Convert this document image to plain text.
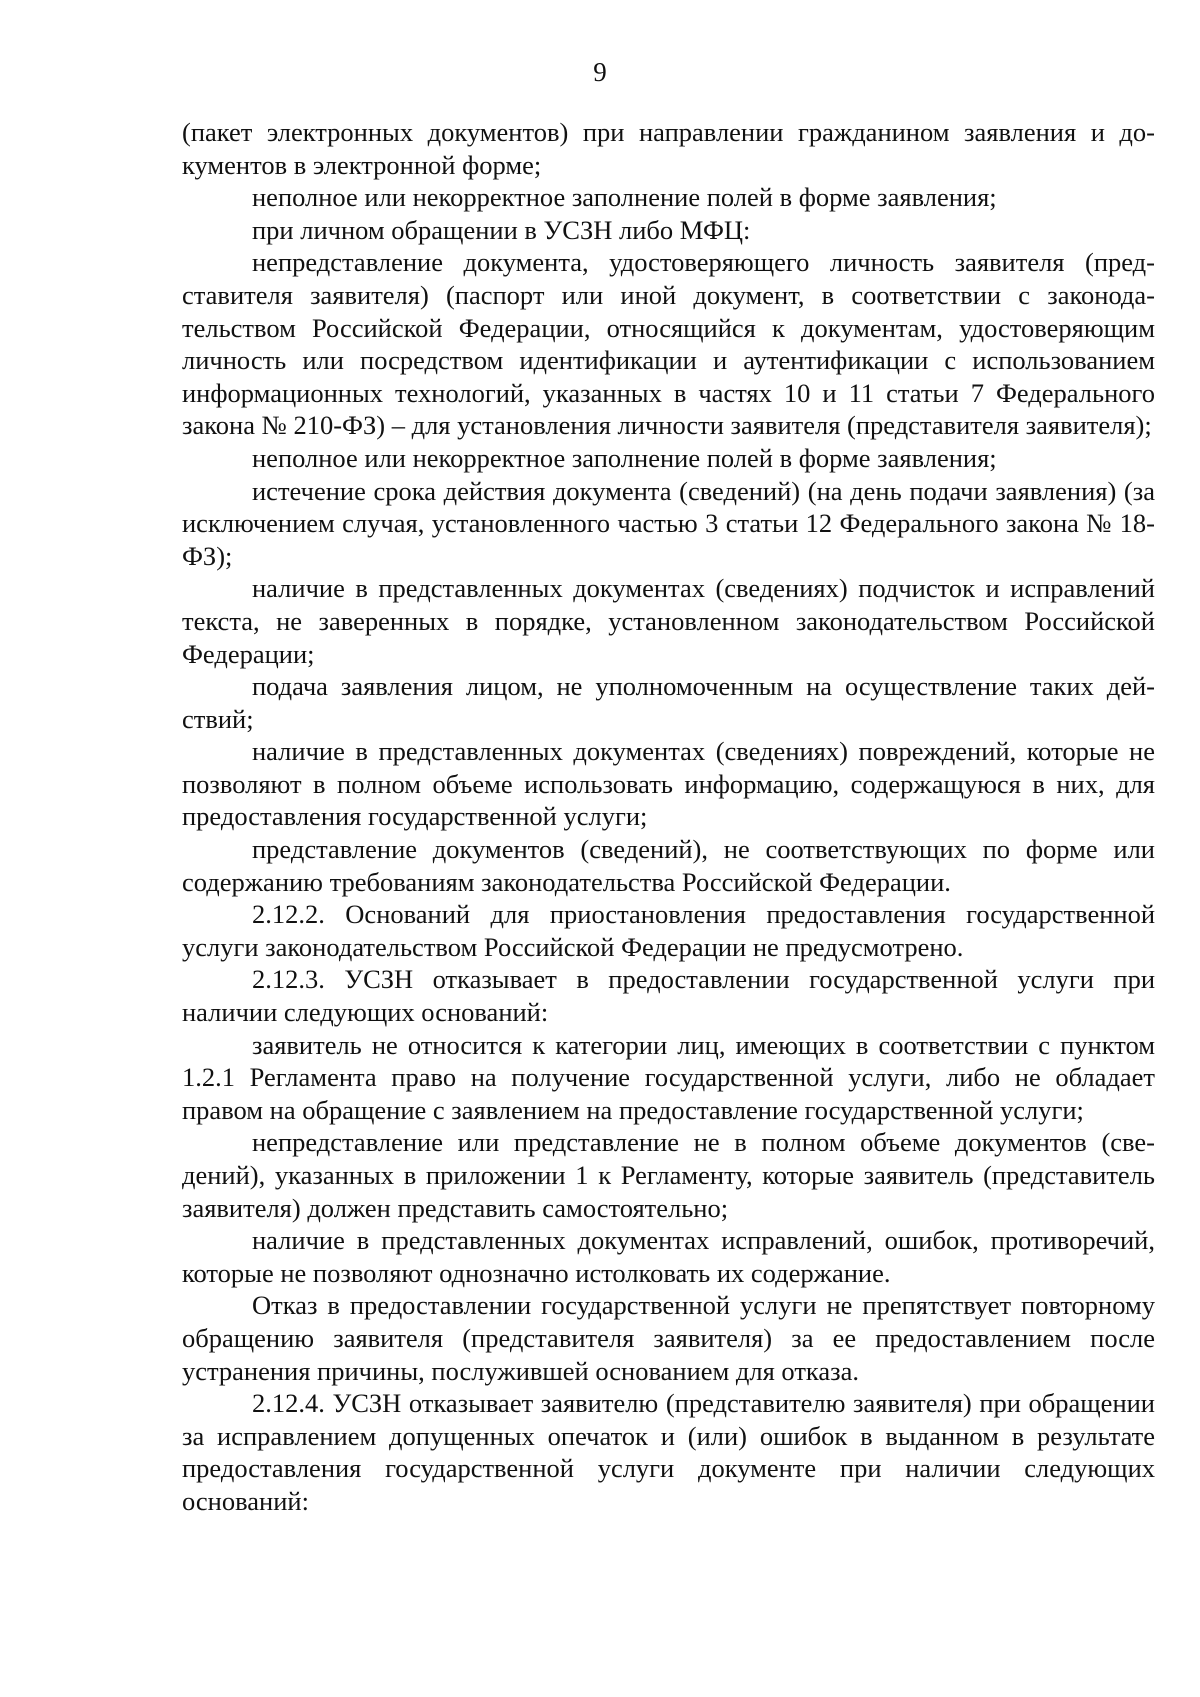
9

(пакет электронных документов) при направлении гражданином заявления и документов в электронной форме;

неполное или некорректное заполнение полей в форме заявления;

при личном обращении в УСЗН либо МФЦ:

непредставление документа, удостоверяющего личность заявителя (представителя заявителя) (паспорт или иной документ, в соответствии с законодательством Российской Федерации, относящийся к документам, удостоверяющим личность или посредством идентификации и аутентификации с использованием информационных технологий, указанных в частях 10 и 11 статьи 7 Федерального закона № 210-ФЗ) – для установления личности заявителя (представителя заявителя);

неполное или некорректное заполнение полей в форме заявления;

истечение срока действия документа (сведений) (на день подачи заявления) (за исключением случая, установленного частью 3 статьи 12 Федерального закона № 18-ФЗ);

наличие в представленных документах (сведениях) подчисток и исправлений текста, не заверенных в порядке, установленном законодательством Российской Федерации;

подача заявления лицом, не уполномоченным на осуществление таких действий;

наличие в представленных документах (сведениях) повреждений, которые не позволяют в полном объеме использовать информацию, содержащуюся в них, для предоставления государственной услуги;

представление документов (сведений), не соответствующих по форме или содержанию требованиям законодательства Российской Федерации.

2.12.2. Оснований для приостановления предоставления государственной услуги законодательством Российской Федерации не предусмотрено.

2.12.3. УСЗН отказывает в предоставлении государственной услуги при наличии следующих оснований:

заявитель не относится к категории лиц, имеющих в соответствии с пунктом 1.2.1 Регламента право на получение государственной услуги, либо не обладает правом на обращение с заявлением на предоставление государственной услуги;

непредставление или представление не в полном объеме документов (сведений), указанных в приложении 1 к Регламенту, которые заявитель (представитель заявителя) должен представить самостоятельно;

наличие в представленных документах исправлений, ошибок, противоречий, которые не позволяют однозначно истолковать их содержание.

Отказ в предоставлении государственной услуги не препятствует повторному обращению заявителя (представителя заявителя) за ее предоставлением после устранения причины, послужившей основанием для отказа.

2.12.4. УСЗН отказывает заявителю (представителю заявителя) при обращении за исправлением допущенных опечаток и (или) ошибок в выданном в результате предоставления государственной услуги документе при наличии следующих оснований:
